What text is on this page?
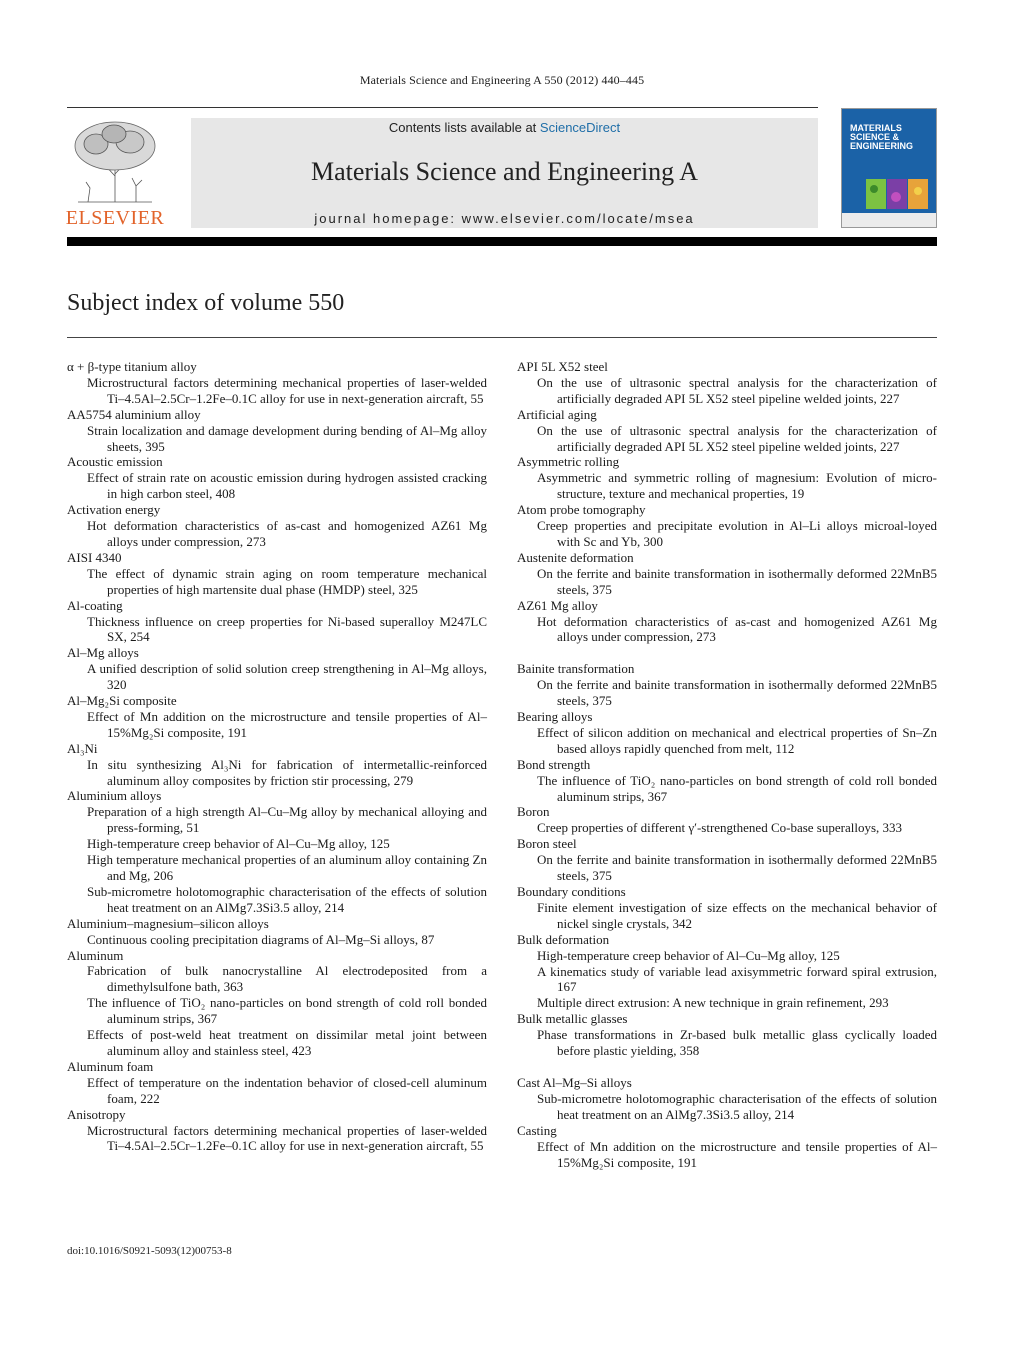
Materials Science and Engineering A 550 (2012) 440–445
ELSEVIER
Contents lists available at ScienceDirect
Materials Science and Engineering A
journal homepage: www.elsevier.com/locate/msea
MATERIALS SCIENCE & ENGINEERING
Subject index of volume 550
α + β-type titanium alloy
Microstructural factors determining mechanical properties of laser-welded Ti–4.5Al–2.5Cr–1.2Fe–0.1C alloy for use in next-generation aircraft, 55
AA5754 aluminium alloy
Strain localization and damage development during bending of Al–Mg alloy sheets, 395
Acoustic emission
Effect of strain rate on acoustic emission during hydrogen assisted cracking in high carbon steel, 408
Activation energy
Hot deformation characteristics of as-cast and homogenized AZ61 Mg alloys under compression, 273
AISI 4340
The effect of dynamic strain aging on room temperature mechanical properties of high martensite dual phase (HMDP) steel, 325
Al-coating
Thickness influence on creep properties for Ni-based superalloy M247LC SX, 254
Al–Mg alloys
A unified description of solid solution creep strengthening in Al–Mg alloys, 320
Al–Mg₂Si composite
Effect of Mn addition on the microstructure and tensile properties of Al–15%Mg₂Si composite, 191
Al₃Ni
In situ synthesizing Al₃Ni for fabrication of intermetallic-reinforced aluminum alloy composites by friction stir processing, 279
Aluminium alloys
Preparation of a high strength Al–Cu–Mg alloy by mechanical alloying and press-forming, 51
High-temperature creep behavior of Al–Cu–Mg alloy, 125
High temperature mechanical properties of an aluminum alloy containing Zn and Mg, 206
Sub-micrometre holotomographic characterisation of the effects of solution heat treatment on an AlMg7.3Si3.5 alloy, 214
Aluminium–magnesium–silicon alloys
Continuous cooling precipitation diagrams of Al–Mg–Si alloys, 87
Aluminum
Fabrication of bulk nanocrystalline Al electrodeposited from a dimethylsulfone bath, 363
The influence of TiO₂ nano-particles on bond strength of cold roll bonded aluminum strips, 367
Effects of post-weld heat treatment on dissimilar metal joint between aluminum alloy and stainless steel, 423
Aluminum foam
Effect of temperature on the indentation behavior of closed-cell aluminum foam, 222
Anisotropy
Microstructural factors determining mechanical properties of laser-welded Ti–4.5Al–2.5Cr–1.2Fe–0.1C alloy for use in next-generation aircraft, 55
API 5L X52 steel
On the use of ultrasonic spectral analysis for the characterization of artificially degraded API 5L X52 steel pipeline welded joints, 227
Artificial aging
On the use of ultrasonic spectral analysis for the characterization of artificially degraded API 5L X52 steel pipeline welded joints, 227
Asymmetric rolling
Asymmetric and symmetric rolling of magnesium: Evolution of micro-structure, texture and mechanical properties, 19
Atom probe tomography
Creep properties and precipitate evolution in Al–Li alloys microal-loyed with Sc and Yb, 300
Austenite deformation
On the ferrite and bainite transformation in isothermally deformed 22MnB5 steels, 375
AZ61 Mg alloy
Hot deformation characteristics of as-cast and homogenized AZ61 Mg alloys under compression, 273
Bainite transformation
On the ferrite and bainite transformation in isothermally deformed 22MnB5 steels, 375
Bearing alloys
Effect of silicon addition on mechanical and electrical properties of Sn–Zn based alloys rapidly quenched from melt, 112
Bond strength
The influence of TiO₂ nano-particles on bond strength of cold roll bonded aluminum strips, 367
Boron
Creep properties of different γ′-strengthened Co-base superalloys, 333
Boron steel
On the ferrite and bainite transformation in isothermally deformed 22MnB5 steels, 375
Boundary conditions
Finite element investigation of size effects on the mechanical behavior of nickel single crystals, 342
Bulk deformation
High-temperature creep behavior of Al–Cu–Mg alloy, 125
A kinematics study of variable lead axisymmetric forward spiral extrusion, 167
Multiple direct extrusion: A new technique in grain refinement, 293
Bulk metallic glasses
Phase transformations in Zr-based bulk metallic glass cyclically loaded before plastic yielding, 358
Cast Al–Mg–Si alloys
Sub-micrometre holotomographic characterisation of the effects of solution heat treatment on an AlMg7.3Si3.5 alloy, 214
Casting
Effect of Mn addition on the microstructure and tensile properties of Al–15%Mg₂Si composite, 191
doi:10.1016/S0921-5093(12)00753-8
